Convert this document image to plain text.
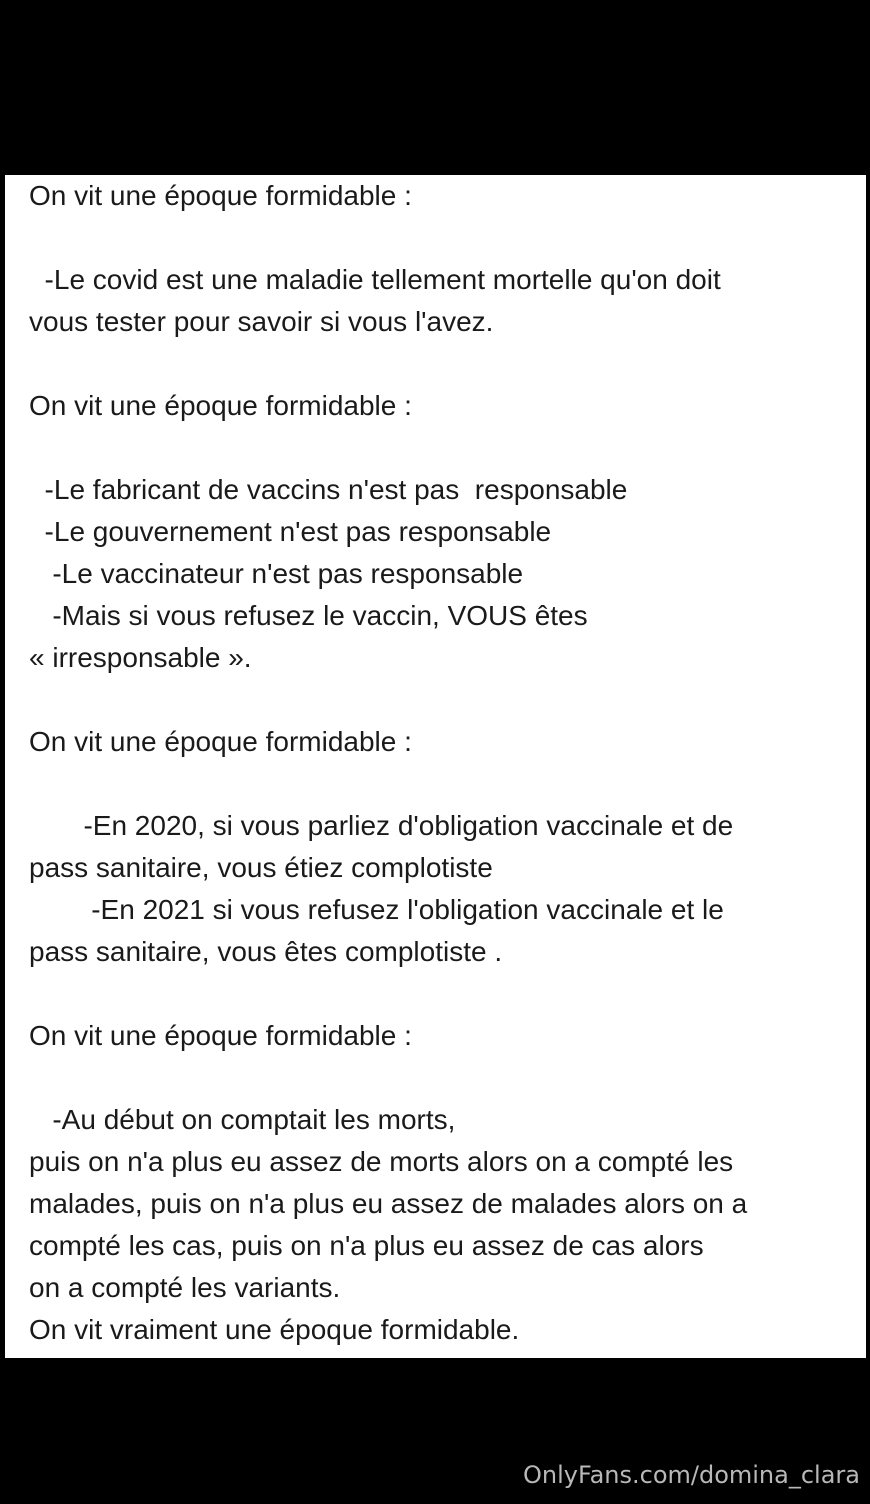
On vit une époque formidable :

-Le covid est une maladie tellement mortelle qu'on doit

vous tester pour savoir si vous l'avez.

On vit une époque formidable :

-Le fabricant de vaccins n'est pas  responsable

-Le gouvernement n'est pas responsable

-Le vaccinateur n'est pas responsable

-Mais si vous refusez le vaccin, VOUS êtes

« irresponsable ».

On vit une époque formidable :

-En 2020, si vous parliez d'obligation vaccinale et de

pass sanitaire, vous étiez complotiste

-En 2021 si vous refusez l'obligation vaccinale et le

pass sanitaire, vous êtes complotiste .

On vit une époque formidable :

-Au début on comptait les morts,

puis on n'a plus eu assez de morts alors on a compté les

malades, puis on n'a plus eu assez de malades alors on a

compté les cas, puis on n'a plus eu assez de cas alors

on a compté les variants.

On vit vraiment une époque formidable.

OnlyFans.com/domina_clara
